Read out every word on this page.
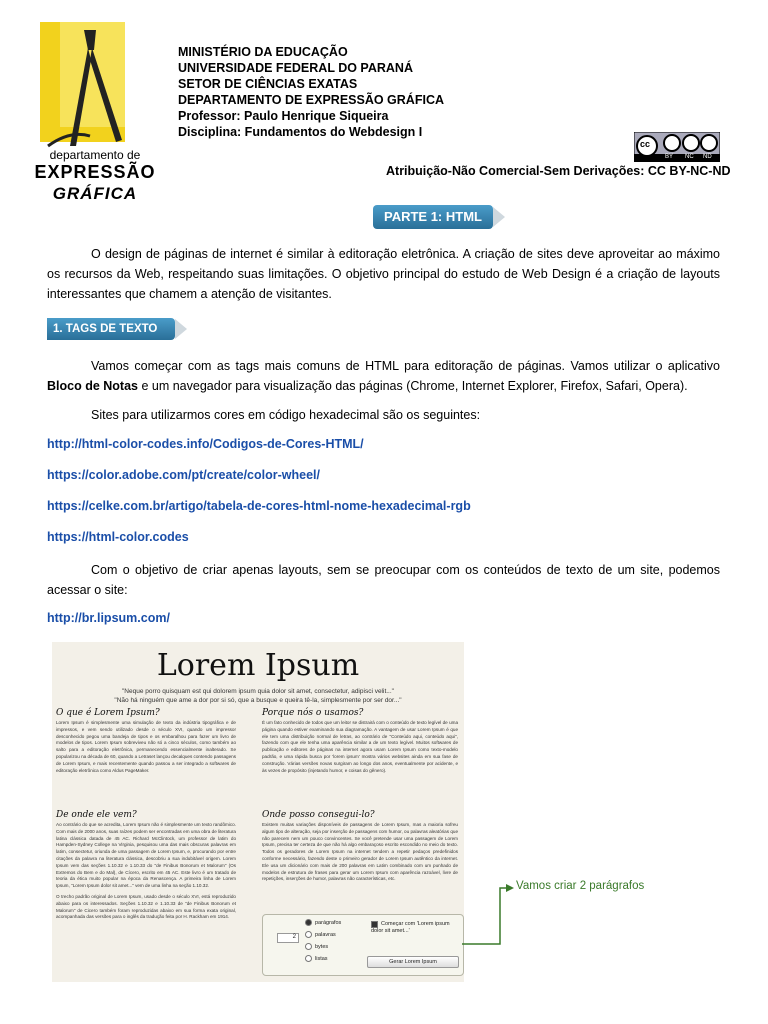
departamento de
EXPRESSÃO
GRÁFICA
MINISTÉRIO DA EDUCAÇÃO
UNIVERSIDADE FEDERAL DO PARANÁ
SETOR DE CIÊNCIAS EXATAS
DEPARTAMENTO DE EXPRESSÃO GRÁFICA
Professor: Paulo Henrique Siqueira
Disciplina: Fundamentos do Webdesign I
cc
BY NC ND
Atribuição-Não Comercial-Sem Derivações: CC BY-NC-ND
PARTE 1: HTML
O design de páginas de internet é similar à editoração eletrônica. A criação de sites deve aproveitar ao máximo os recursos da Web, respeitando suas limitações. O objetivo principal do estudo de Web Design é a criação de layouts interessantes que chamem a atenção de visitantes.
1. TAGS DE TEXTO
Vamos começar com as tags mais comuns de HTML para editoração de páginas. Vamos utilizar o aplicativo Bloco de Notas e um navegador para visualização das páginas (Chrome, Internet Explorer, Firefox, Safari, Opera).
Sites para utilizarmos cores em código hexadecimal são os seguintes:
http://html-color-codes.info/Codigos-de-Cores-HTML/
https://color.adobe.com/pt/create/color-wheel/
https://celke.com.br/artigo/tabela-de-cores-html-nome-hexadecimal-rgb
https://html-color.codes
Com o objetivo de criar apenas layouts, sem se preocupar com os conteúdos de texto de um site, podemos acessar o site:
http://br.lipsum.com/
Lorem Ipsum
"Neque porro quisquam est qui dolorem ipsum quia dolor sit amet, consectetur, adipisci velit..."
"Não há ninguém que ame a dor por si só, que a busque e queira tê-la, simplesmente por ser dor..."
O que é Lorem Ipsum?
Lorem Ipsum é simplesmente uma simulação de texto da indústria tipográfica e de impressos, e vem sendo utilizado desde o século XVI, quando um impressor desconhecido pegou uma bandeja de tipos e os embaralhou para fazer um livro de modelos de tipos. Lorem Ipsum sobreviveu não só a cinco séculos, como também ao salto para a editoração eletrônica, permanecendo essencialmente inalterado. Se popularizou na década de 60, quando a Letraset lançou decalques contendo passagens de Lorem Ipsum, e mais recentemente quando passou a ser integrado a softwares de editoração eletrônica como Aldus PageMaker.
Porque nós o usamos?
É um fato conhecido de todos que um leitor se distrairá com o conteúdo de texto legível de uma página quando estiver examinando sua diagramação. A vantagem de usar Lorem Ipsum é que ele tem uma distribuição normal de letras, ao contrário de "Conteúdo aqui, conteúdo aqui", fazendo com que ele tenha uma aparência similar a de um texto legível. Muitos softwares de publicação e editores de páginas na internet agora usam Lorem Ipsum como texto-modelo padrão, e uma rápida busca por 'lorem ipsum' mostra vários websites ainda em sua fase de construção. Várias versões novas surgiram ao longo dos anos, eventualmente por acidente, e às vezes de propósito (injetando humor, e coisas do gênero).
De onde ele vem?
Ao contrário do que se acredita, Lorem Ipsum não é simplesmente um texto randômico. Com mais de 2000 anos, suas raízes podem ser encontradas em uma obra de literatura latina clássica datada de 45 AC. Richard McClintock, um professor de latim do Hampden-Sydney College na Virginia, pesquisou uma das mais obscuras palavras em latim, consectetur, oriunda de uma passagem de Lorem Ipsum, e, procurando por entre citações da palavra na literatura clássica, descobriu a sua indubitável origem. Lorem Ipsum vem das seções 1.10.32 e 1.10.33 do "de Finibus Bonorum et Malorum" (Os Extremos do Bem e do Mal), de Cícero, escrito em 45 AC. Este livro é um tratado de teoria da ética muito popular na época da Renascença. A primeira linha de Lorem Ipsum, "Lorem Ipsum dolor sit amet..." vem de uma linha na seção 1.10.32.
O trecho padrão original de Lorem Ipsum, usado desde o século XVI, está reproduzido abaixo para os interessados. Seções 1.10.32 e 1.10.33 de "de Finibus Bonorum et Malorum" de Cicero também foram reproduzidas abaixo em sua forma exata original, acompanhada das versões para o inglês da tradução feita por H. Rackham em 1914.
Onde posso consegui-lo?
Existem muitas variações disponíveis de passagens de Lorem Ipsum, mas a maioria sofreu algum tipo de alteração, seja por inserção de passagens com humor, ou palavras aleatórias que não parecem nem um pouco convincentes. Se você pretende usar uma passagem de Lorem Ipsum, precisa ter certeza de que não há algo embaraçoso escrito escondido no meio do texto. Todos os geradores de Lorem Ipsum na internet tendem a repetir pedaços predefinidos conforme necessário, fazendo deste o primeiro gerador de Lorem Ipsum autêntico da internet. Ele usa um dicionário com mais de 200 palavras em Latim combinado com um punhado de modelos de estrutura de frases para gerar um Lorem Ipsum com aparência razoável, livre de repetições, inserções de humor, palavras não características, etc.
2
parágrafos
palavras
bytes
listas
Começar com 'Lorem ipsum dolor sit amet...'
Gerar Lorem Ipsum
Vamos criar 2 parágrafos
